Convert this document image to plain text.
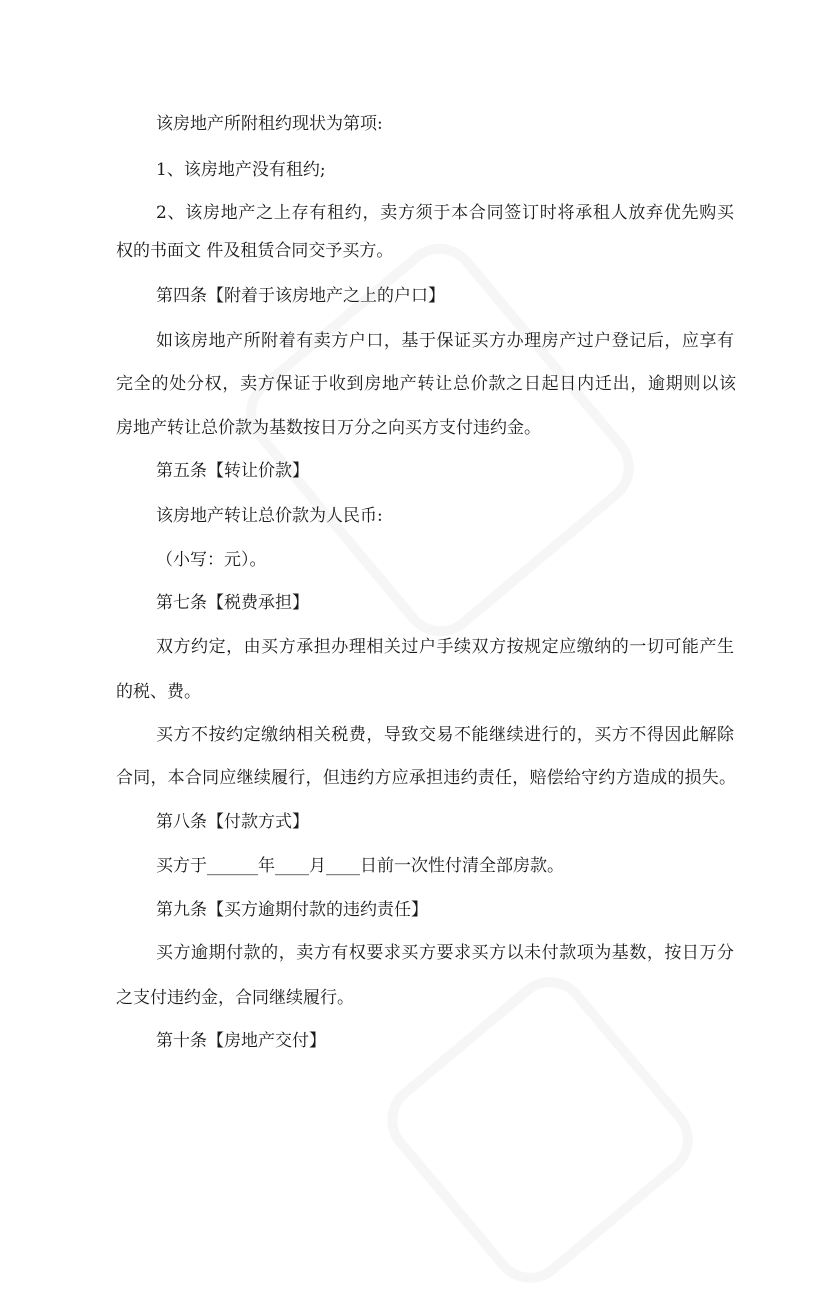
该房地产所附租约现状为第项:
1、该房地产没有租约;
2、该房地产之上存有租约，卖方须于本合同签订时将承租人放弃优先购买
权的书面文 件及租赁合同交予买方。
第四条【附着于该房地产之上的户口】
如该房地产所附着有卖方户口，基于保证买方办理房产过户登记后，应享有
完全的处分权，卖方保证于收到房地产转让总价款之日起日内迁出，逾期则以该
房地产转让总价款为基数按日万分之向买方支付违约金。
第五条【转让价款】
该房地产转让总价款为人民币:
（小写：元）。
第七条【税费承担】
双方约定，由买方承担办理相关过户手续双方按规定应缴纳的一切可能产生
的税、费。
买方不按约定缴纳相关税费，导致交易不能继续进行的，买方不得因此解除
合同，本合同应继续履行，但违约方应承担违约责任，赔偿给守约方造成的损失。
第八条【付款方式】
买方于______年____月____日前一次性付清全部房款。
第九条【买方逾期付款的违约责任】
买方逾期付款的，卖方有权要求买方要求买方以未付款项为基数，按日万分
之支付违约金，合同继续履行。
第十条【房地产交付】
